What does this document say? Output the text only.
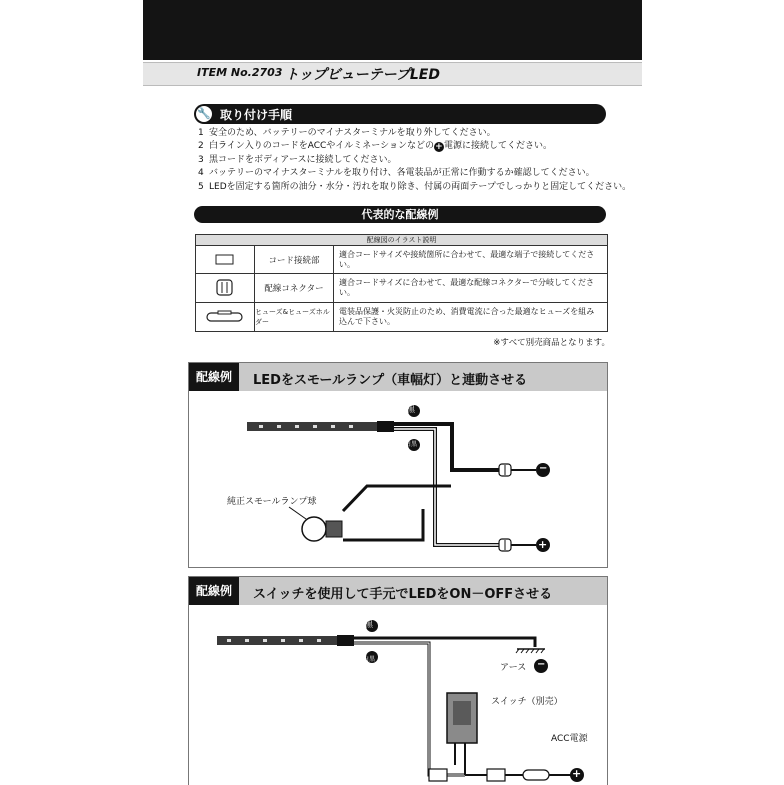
ITEM No.2703 トップビューテープLED
🔧 取り付け手順
1 安全のため、バッテリーのマイナスターミナルを取り外してください。
2 白ライン入りのコードをACCやイルミネーションなどの+電源に接続してください。
3 黒コードをボディアースに接続してください。
4 バッテリーのマイナスターミナルを取り付け、各電装品が正常に作動するか確認してください。
5 LEDを固定する箇所の油分・水分・汚れを取り除き、付属の両面テープでしっかりと固定してください。
代表的な配線例
配線図のイラスト説明
コード接続部
適合コードサイズや接続箇所に合わせて、最適な端子で接続してください。
配線コネクター
適合コードサイズに合わせて、最適な配線コネクターで分岐してください。
ヒューズ&ヒューズホルダー
電装品保護・火災防止のため、消費電流に合った最適なヒューズを組み込んで下さい。
※すべて別売商品となります。
配線例	LEDをスモールランプ（車幅灯）と連動させる
黒
白黒
純正スモールランプ球
−
+
配線例	スイッチを使用して手元でLEDをON－OFFさせる
黒
白黒
アース
スイッチ（別売）
ACC電源
−
+
